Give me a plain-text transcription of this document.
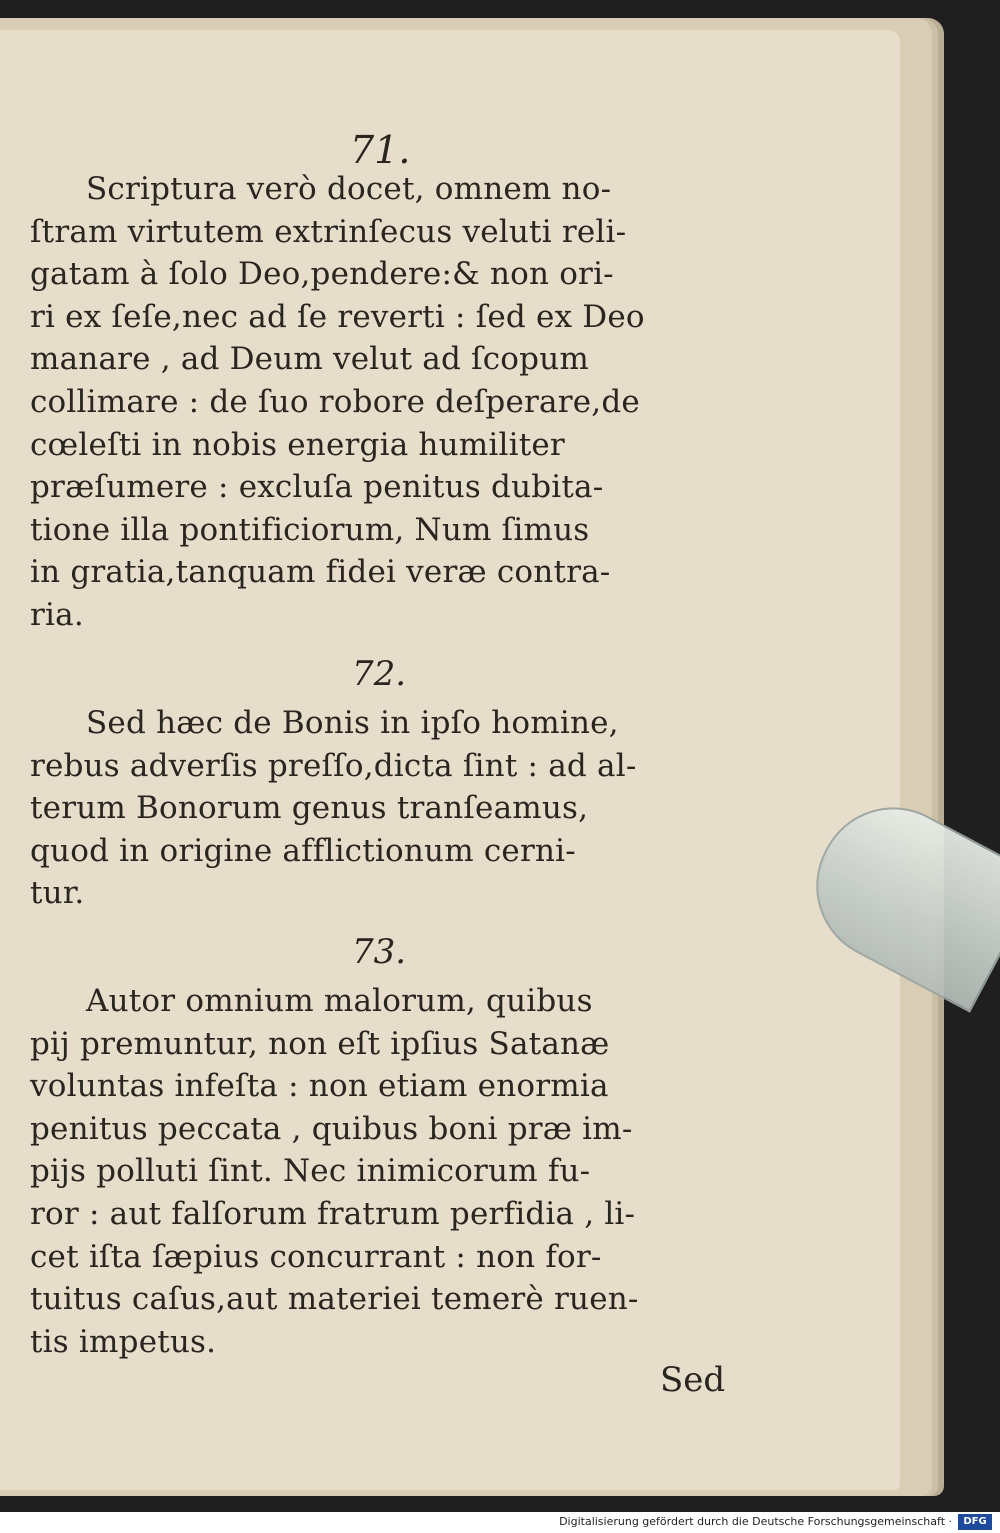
71.

Scriptura verò docet, omnem no-
ſtram virtutem extrinſecus veluti reli-
gatam à ſolo Deo,pendere:& non ori-
ri ex ſeſe,nec ad ſe reverti : ſed ex Deo
manare , ad Deum velut ad ſcopum
collimare : de ſuo robore deſperare,de
cœleſti in nobis energia humiliter
præſumere : excluſa penitus dubita-
tione illa pontificiorum, Num ſimus
in gratia,tanquam fidei veræ contra-
ria.

72.

Sed hæc de Bonis in ipſo homine,
rebus adverſis preſſo,dicta ſint : ad al-
terum Bonorum genus tranſeamus,
quod in origine afflictionum cerni-
tur.

73.

Autor omnium malorum, quibus
pij premuntur, non eſt ipſius Satanæ
voluntas infeſta : non etiam enormia
penitus peccata , quibus boni præ im-
pijs polluti ſint. Nec inimicorum fu-
ror : aut falſorum fratrum perfidia , li-
cet iſta ſæpius concurrant : non for-
tuitus caſus,aut materiei temerè ruen-
tis impetus.

Sed

Digitalisierung gefördert durch die Deutsche Forschungsgemeinschaft ·	DFG
